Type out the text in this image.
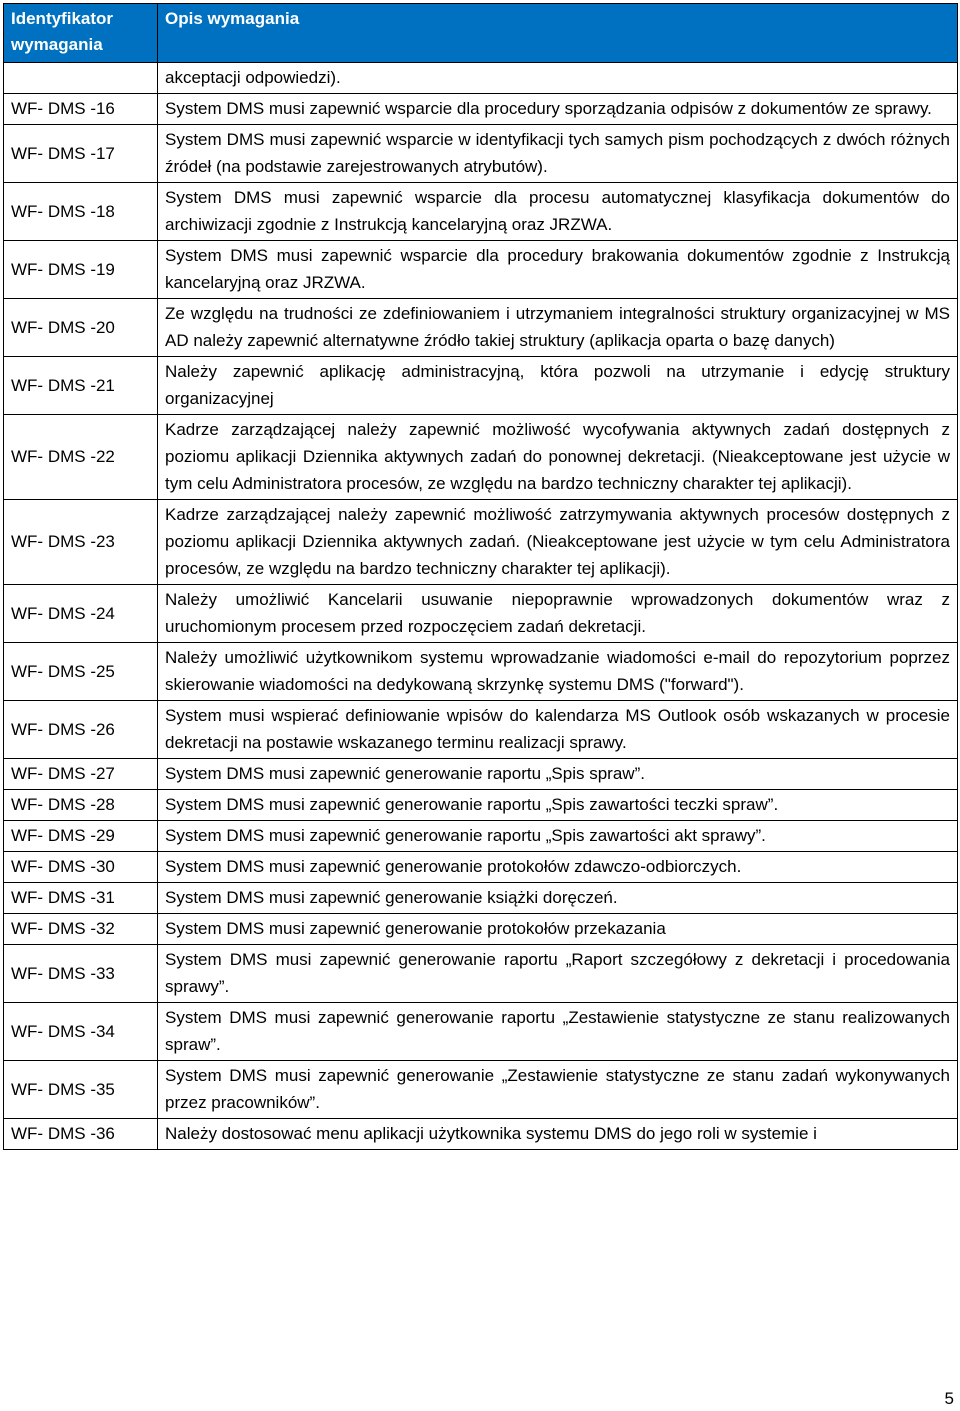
Identyfikator wymagania	Opis wymagania
	akceptacji odpowiedzi).
WF- DMS -16	System DMS musi zapewnić wsparcie dla procedury sporządzania odpisów z dokumentów ze sprawy.
WF- DMS -17	System DMS musi zapewnić wsparcie w identyfikacji tych samych pism pochodzących z dwóch różnych źródeł (na podstawie zarejestrowanych atrybutów).
WF- DMS -18	System DMS musi zapewnić wsparcie dla procesu automatycznej klasyfikacja dokumentów do archiwizacji zgodnie z Instrukcją kancelaryjną oraz JRZWA.
WF- DMS -19	System DMS musi zapewnić wsparcie dla procedury brakowania dokumentów zgodnie z Instrukcją kancelaryjną oraz JRZWA.
WF- DMS -20	Ze względu na trudności ze zdefiniowaniem i utrzymaniem integralności struktury organizacyjnej w MS AD należy zapewnić alternatywne źródło takiej struktury (aplikacja oparta o bazę danych)
WF- DMS -21	Należy zapewnić aplikację administracyjną, która pozwoli na utrzymanie i edycję struktury organizacyjnej
WF- DMS -22	Kadrze zarządzającej należy zapewnić możliwość wycofywania aktywnych zadań dostępnych z poziomu aplikacji Dziennika aktywnych zadań do ponownej dekretacji. (Nieakceptowane jest użycie w tym celu Administratora procesów, ze względu na bardzo techniczny charakter tej aplikacji).
WF- DMS -23	Kadrze zarządzającej należy zapewnić możliwość zatrzymywania aktywnych procesów dostępnych z poziomu aplikacji Dziennika aktywnych zadań. (Nieakceptowane jest użycie w tym celu Administratora procesów, ze względu na bardzo techniczny charakter tej aplikacji).
WF- DMS -24	Należy umożliwić Kancelarii usuwanie niepoprawnie wprowadzonych dokumentów wraz z uruchomionym procesem przed rozpoczęciem zadań dekretacji.
WF- DMS -25	Należy umożliwić użytkownikom systemu wprowadzanie wiadomości e-mail do repozytorium poprzez skierowanie wiadomości na dedykowaną skrzynkę systemu DMS ("forward").
WF- DMS -26	System musi wspierać definiowanie wpisów do kalendarza MS Outlook osób wskazanych w procesie dekretacji na postawie wskazanego terminu realizacji sprawy.
WF- DMS -27	System DMS musi zapewnić generowanie raportu „Spis spraw”.
WF- DMS -28	System DMS musi zapewnić generowanie raportu „Spis zawartości teczki spraw”.
WF- DMS -29	System DMS musi zapewnić generowanie raportu „Spis zawartości akt sprawy”.
WF- DMS -30	System DMS musi zapewnić generowanie protokołów zdawczo-odbiorczych.
WF- DMS -31	System DMS musi zapewnić generowanie książki doręczeń.
WF- DMS -32	System DMS musi zapewnić generowanie protokołów przekazania
WF- DMS -33	System DMS musi zapewnić generowanie raportu „Raport szczegółowy z dekretacji i procedowania sprawy”.
WF- DMS -34	System DMS musi zapewnić generowanie raportu „Zestawienie statystyczne ze stanu realizowanych spraw”.
WF- DMS -35	System DMS musi zapewnić generowanie „Zestawienie statystyczne ze stanu zadań wykonywanych przez pracowników”.
WF- DMS -36	Należy dostosować menu aplikacji użytkownika systemu DMS do jego roli w systemie i
5
